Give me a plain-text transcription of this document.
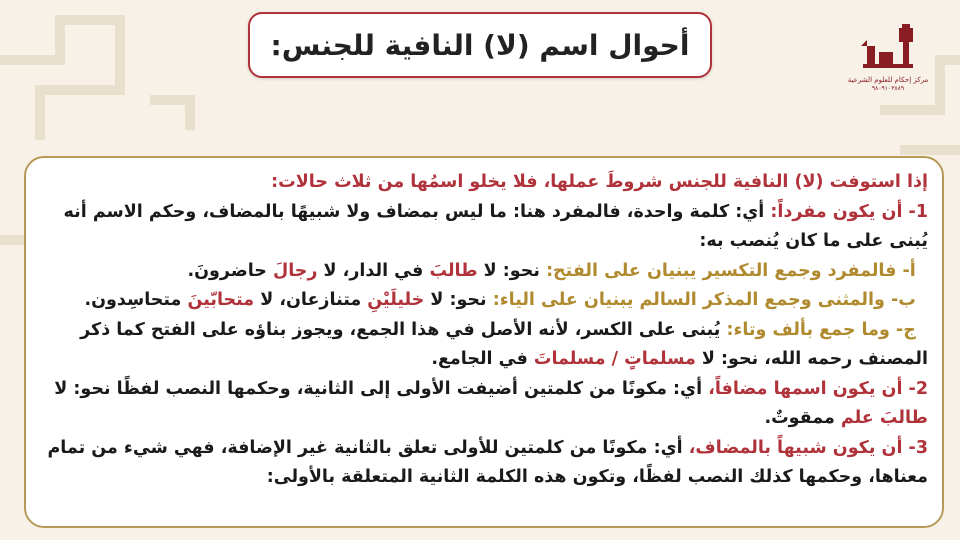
أحوال اسم (لا) النافية للجنس:
مركز إحكام للعلوم الشرعية
٩٨٠٩١٠٣٨٨٩
إذا استوفت (لا) النافية للجنس شروطَ عملها، فلا يخلو اسمُها من ثلاث حالات:
1- أن يكون مفرداً: أي: كلمة واحدة، فالمفرد هنا: ما ليس بمضاف ولا شبيهًا بالمضاف، وحكم الاسم أنه يُبنى على ما كان يُنصب به:
أ- فالمفرد وجمع التكسير يبنيان على الفتح: نحو: لا طالبَ في الدار، لا رجالَ حاضرونَ.
ب- والمثنى وجمع المذكر السالم يبنيان على الياء: نحو: لا خليلَيْنِ متنازعان، لا متحابّينَ متحاسِدون.
ج- وما جمع بألف وتاء: يُبنى على الكسر، لأنه الأصل في هذا الجمع، ويجوز بناؤه على الفتح كما ذكر المصنف رحمه الله، نحو: لا مسلماتٍ / مسلماتَ في الجامع.
2- أن يكون اسمها مضافاً، أي: مكونًا من كلمتين أضيفت الأولى إلى الثانية، وحكمها النصب لفظًا نحو: لا طالبَ علم ممقوتٌ.
3- أن يكون شبيهاً بالمضاف، أي: مكونًا من كلمتين للأولى تعلق بالثانية غير الإضافة، فهي شيء من تمام معناها، وحكمها كذلك النصب لفظًا، وتكون هذه الكلمة الثانية المتعلقة بالأولى:
